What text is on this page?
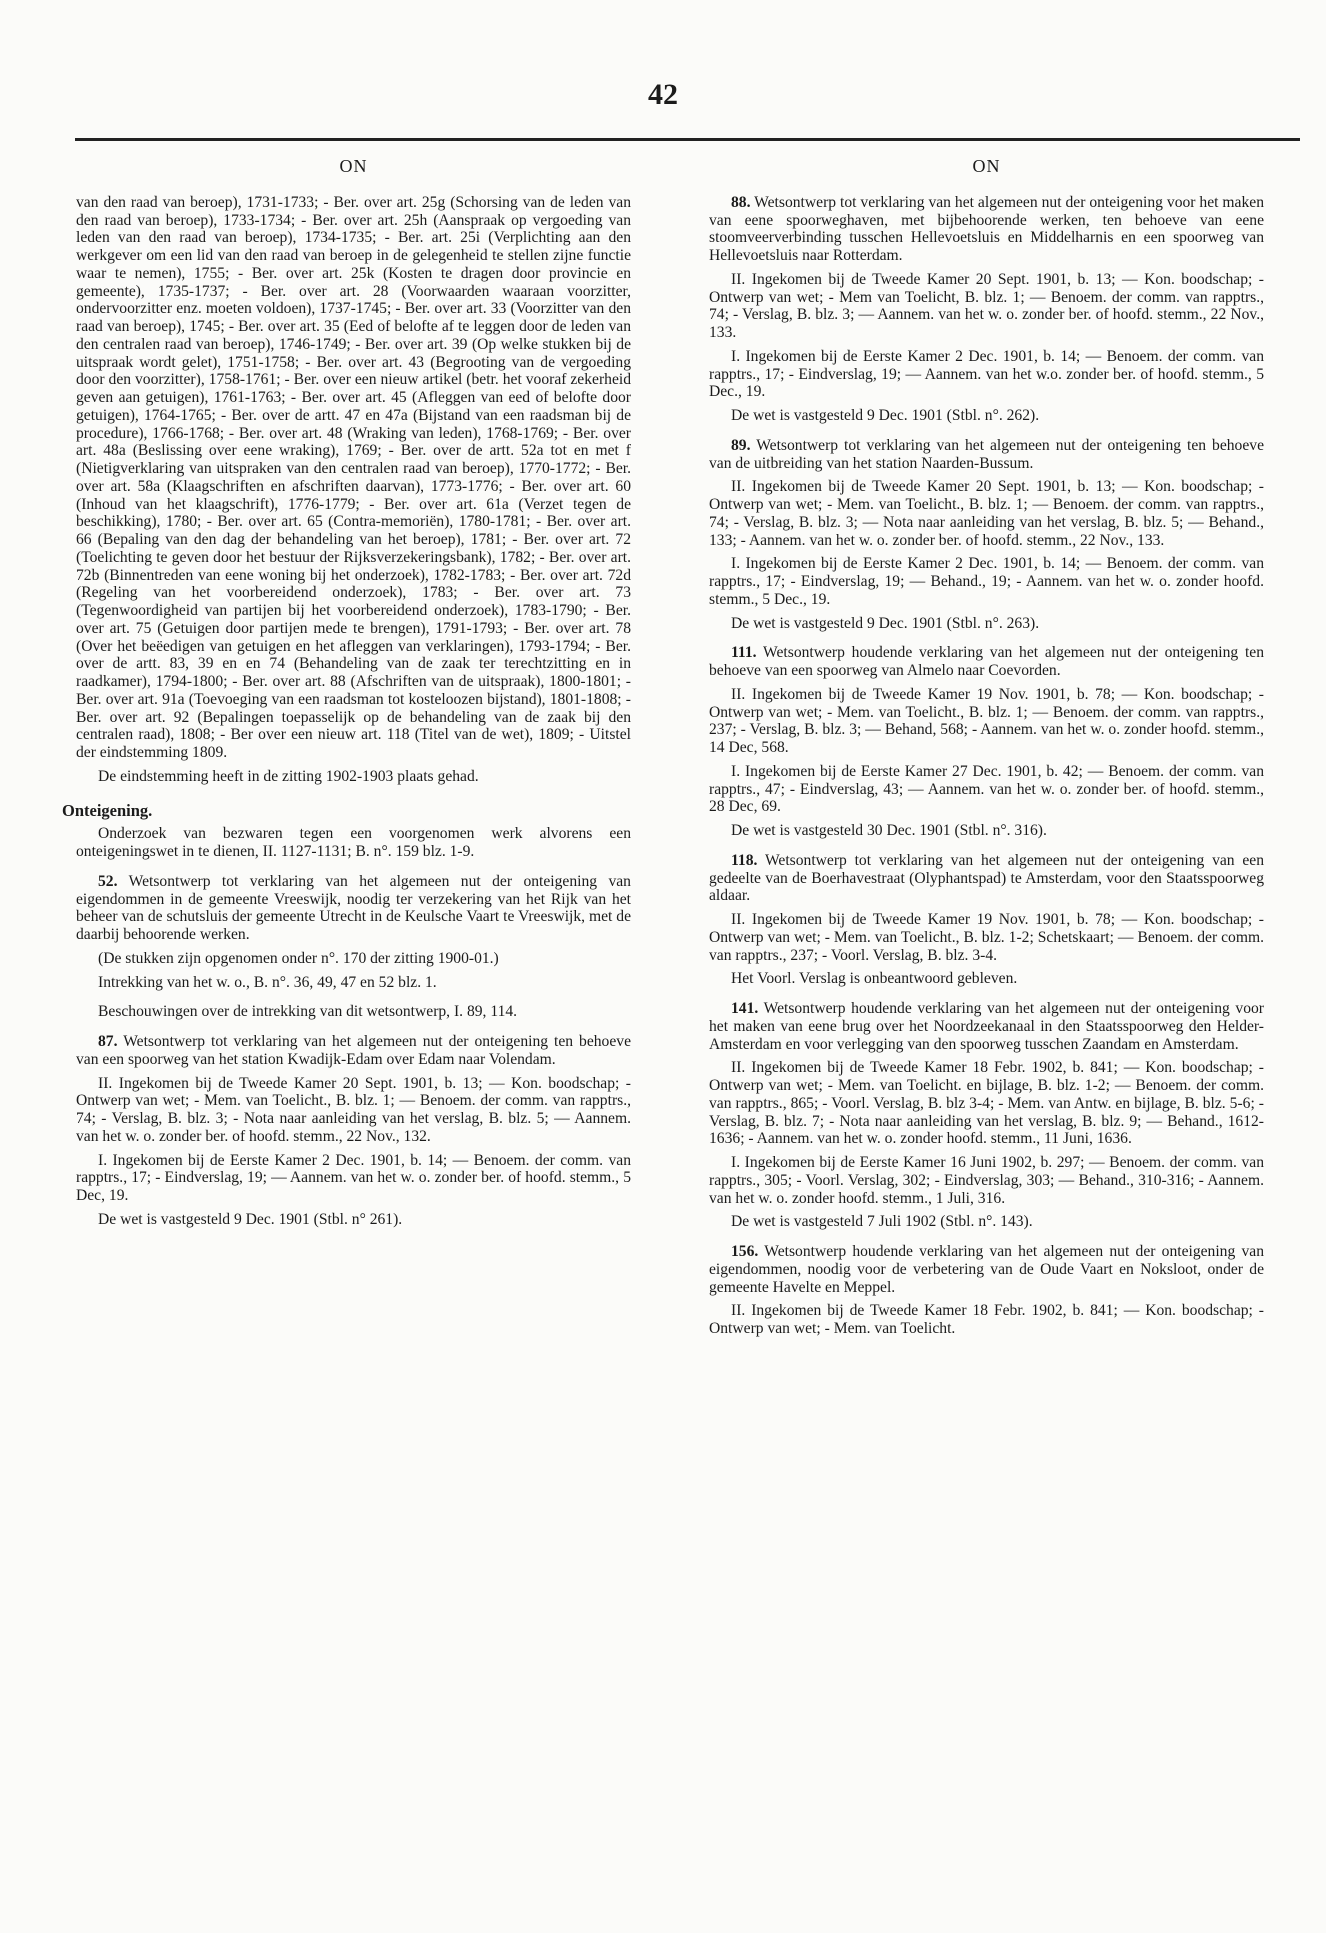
42
ON

van den raad van beroep), 1731-1733; - Ber. over art. 25g (Schorsing van de leden van den raad van beroep), 1733-1734; - Ber. over art. 25h (Aanspraak op vergoeding van leden van den raad van beroep), 1734-1735; - Ber. art. 25i (Verplichting aan den werkgever om een lid van den raad van beroep in de gelegenheid te stellen zijne functie waar te nemen), 1755; - Ber. over art. 25k (Kosten te dragen door provincie en gemeente), 1735-1737; - Ber. over art. 28 (Voorwaarden waaraan voorzitter, ondervoorzitter enz. moeten voldoen), 1737-1745; - Ber. over art. 33 (Voorzitter van den raad van beroep), 1745; - Ber. over art. 35 (Eed of belofte af te leggen door de leden van den centralen raad van beroep), 1746-1749; - Ber. over art. 39 (Op welke stukken bij de uitspraak wordt gelet), 1751-1758; - Ber. over art. 43 (Begrooting van de vergoeding door den voorzitter), 1758-1761; - Ber. over een nieuw artikel (betr. het vooraf zekerheid geven aan getuigen), 1761-1763; - Ber. over art. 45 (Afleggen van eed of belofte door getuigen), 1764-1765; - Ber. over de artt. 47 en 47a (Bijstand van een raadsman bij de procedure), 1766-1768; - Ber. over art. 48 (Wraking van leden), 1768-1769; - Ber. over art. 48a (Beslissing over eene wraking), 1769; - Ber. over de artt. 52a tot en met f (Nietigverklaring van uitspraken van den centralen raad van beroep), 1770-1772; - Ber. over art. 58a (Klaagschriften en afschriften daarvan), 1773-1776; - Ber. over art. 60 (Inhoud van het klaagschrift), 1776-1779; - Ber. over art. 61a (Verzet tegen de beschikking), 1780; - Ber. over art. 65 (Contra-memoriën), 1780-1781; - Ber. over art. 66 (Bepaling van den dag der behandeling van het beroep), 1781; - Ber. over art. 72 (Toelichting te geven door het bestuur der Rijksverzekeringsbank), 1782; - Ber. over art. 72b (Binnentreden van eene woning bij het onderzoek), 1782-1783; - Ber. over art. 72d (Regeling van het voorbereidend onderzoek), 1783; - Ber. over art. 73 (Tegenwoordigheid van partijen bij het voorbereidend onderzoek), 1783-1790; - Ber. over art. 75 (Getuigen door partijen mede te brengen), 1791-1793; - Ber. over art. 78 (Over het beëedigen van getuigen en het afleggen van verklaringen), 1793-1794; - Ber. over de artt. 83, 39 en en 74 (Behandeling van de zaak ter terechtzitting en in raadkamer), 1794-1800; - Ber. over art. 88 (Afschriften van de uitspraak), 1800-1801; - Ber. over art. 91a (Toevoeging van een raadsman tot kosteloozen bijstand), 1801-1808; - Ber. over art. 92 (Bepalingen toepasselijk op de behandeling van de zaak bij den centralen raad), 1808; - Ber over een nieuw art. 118 (Titel van de wet), 1809; - Uitstel der eindstemming 1809.

De eindstemming heeft in de zitting 1902-1903 plaats gehad.

Onteigening.

Onderzoek van bezwaren tegen een voorgenomen werk alvorens een onteigeningswet in te dienen, II. 1127-1131; B. n°. 159 blz. 1-9.

52. Wetsontwerp tot verklaring van het algemeen nut der onteigening van eigendommen in de gemeente Vreeswijk, noodig ter verzekering van het Rijk van het beheer van de schutsluis der gemeente Utrecht in de Keulsche Vaart te Vreeswijk, met de daarbij behoorende werken.

(De stukken zijn opgenomen onder n°. 170 der zitting 1900-01.)

Intrekking van het w. o., B. n°. 36, 49, 47 en 52 blz. 1.

Beschouwingen over de intrekking van dit wetsontwerp, I. 89, 114.

87. Wetsontwerp tot verklaring van het algemeen nut der onteigening ten behoeve van een spoorweg van het station Kwadijk-Edam over Edam naar Volendam.

II. Ingekomen bij de Tweede Kamer 20 Sept. 1901, b. 13; — Kon. boodschap; - Ontwerp van wet; - Mem. van Toelicht., B. blz. 1; — Benoem. der comm. van rapptrs., 74; - Verslag, B. blz. 3; - Nota naar aanleiding van het verslag, B. blz. 5; — Aannem. van het w. o. zonder ber. of hoofd. stemm., 22 Nov., 132.

I. Ingekomen bij de Eerste Kamer 2 Dec. 1901, b. 14; — Benoem. der comm. van rapptrs., 17; - Eindverslag, 19; — Aannem. van het w. o. zonder ber. of hoofd. stemm., 5 Dec, 19.

De wet is vastgesteld 9 Dec. 1901 (Stbl. n° 261).

ON

88. Wetsontwerp tot verklaring van het algemeen nut der onteigening voor het maken van eene spoorweghaven, met bijbehoorende werken, ten behoeve van eene stoomveerverbinding tusschen Hellevoetsluis en Middelharnis en een spoorweg van Hellevoetsluis naar Rotterdam.

II. Ingekomen bij de Tweede Kamer 20 Sept. 1901, b. 13; — Kon. boodschap; - Ontwerp van wet; - Mem van Toelicht, B. blz. 1; — Benoem. der comm. van rapptrs., 74; - Verslag, B. blz. 3; — Aannem. van het w. o. zonder ber. of hoofd. stemm., 22 Nov., 133.

I. Ingekomen bij de Eerste Kamer 2 Dec. 1901, b. 14; — Benoem. der comm. van rapptrs., 17; - Eindverslag, 19; — Aannem. van het w.o. zonder ber. of hoofd. stemm., 5 Dec., 19.

De wet is vastgesteld 9 Dec. 1901 (Stbl. n°. 262).

89. Wetsontwerp tot verklaring van het algemeen nut der onteigening ten behoeve van de uitbreiding van het station Naarden-Bussum.

II. Ingekomen bij de Tweede Kamer 20 Sept. 1901, b. 13; — Kon. boodschap; - Ontwerp van wet; - Mem. van Toelicht., B. blz. 1; — Benoem. der comm. van rapptrs., 74; - Verslag, B. blz. 3; — Nota naar aanleiding van het verslag, B. blz. 5; — Behand., 133; - Aannem. van het w. o. zonder ber. of hoofd. stemm., 22 Nov., 133.

I. Ingekomen bij de Eerste Kamer 2 Dec. 1901, b. 14; — Benoem. der comm. van rapptrs., 17; - Eindverslag, 19; — Behand., 19; - Aannem. van het w. o. zonder hoofd. stemm., 5 Dec., 19.

De wet is vastgesteld 9 Dec. 1901 (Stbl. n°. 263).

111. Wetsontwerp houdende verklaring van het algemeen nut der onteigening ten behoeve van een spoorweg van Almelo naar Coevorden.

II. Ingekomen bij de Tweede Kamer 19 Nov. 1901, b. 78; — Kon. boodschap; - Ontwerp van wet; - Mem. van Toelicht., B. blz. 1; — Benoem. der comm. van rapptrs., 237; - Verslag, B. blz. 3; — Behand, 568; - Aannem. van het w. o. zonder hoofd. stemm., 14 Dec, 568.

I. Ingekomen bij de Eerste Kamer 27 Dec. 1901, b. 42; — Benoem. der comm. van rapptrs., 47; - Eindverslag, 43; — Aannem. van het w. o. zonder ber. of hoofd. stemm., 28 Dec, 69.

De wet is vastgesteld 30 Dec. 1901 (Stbl. n°. 316).

118. Wetsontwerp tot verklaring van het algemeen nut der onteigening van een gedeelte van de Boerhavestraat (Olyphantspad) te Amsterdam, voor den Staatsspoorweg aldaar.

II. Ingekomen bij de Tweede Kamer 19 Nov. 1901, b. 78; — Kon. boodschap; - Ontwerp van wet; - Mem. van Toelicht., B. blz. 1-2; Schetskaart; — Benoem. der comm. van rapptrs., 237; - Voorl. Verslag, B. blz. 3-4.

Het Voorl. Verslag is onbeantwoord gebleven.

141. Wetsontwerp houdende verklaring van het algemeen nut der onteigening voor het maken van eene brug over het Noordzeekanaal in den Staatsspoorweg den Helder-Amsterdam en voor verlegging van den spoorweg tusschen Zaandam en Amsterdam.

II. Ingekomen bij de Tweede Kamer 18 Febr. 1902, b. 841; — Kon. boodschap; - Ontwerp van wet; - Mem. van Toelicht. en bijlage, B. blz. 1-2; — Benoem. der comm. van rapptrs., 865; - Voorl. Verslag, B. blz 3-4; - Mem. van Antw. en bijlage, B. blz. 5-6; - Verslag, B. blz. 7; - Nota naar aanleiding van het verslag, B. blz. 9; — Behand., 1612-1636; - Aannem. van het w. o. zonder hoofd. stemm., 11 Juni, 1636.

I. Ingekomen bij de Eerste Kamer 16 Juni 1902, b. 297; — Benoem. der comm. van rapptrs., 305; - Voorl. Verslag, 302; - Eindverslag, 303; — Behand., 310-316; - Aannem. van het w. o. zonder hoofd. stemm., 1 Juli, 316.

De wet is vastgesteld 7 Juli 1902 (Stbl. n°. 143).

156. Wetsontwerp houdende verklaring van het algemeen nut der onteigening van eigendommen, noodig voor de verbetering van de Oude Vaart en Nokslоot, onder de gemeente Havelte en Meppel.

II. Ingekomen bij de Tweede Kamer 18 Febr. 1902, b. 841; — Kon. boodschap; - Ontwerp van wet; - Mem. van Toelicht.
